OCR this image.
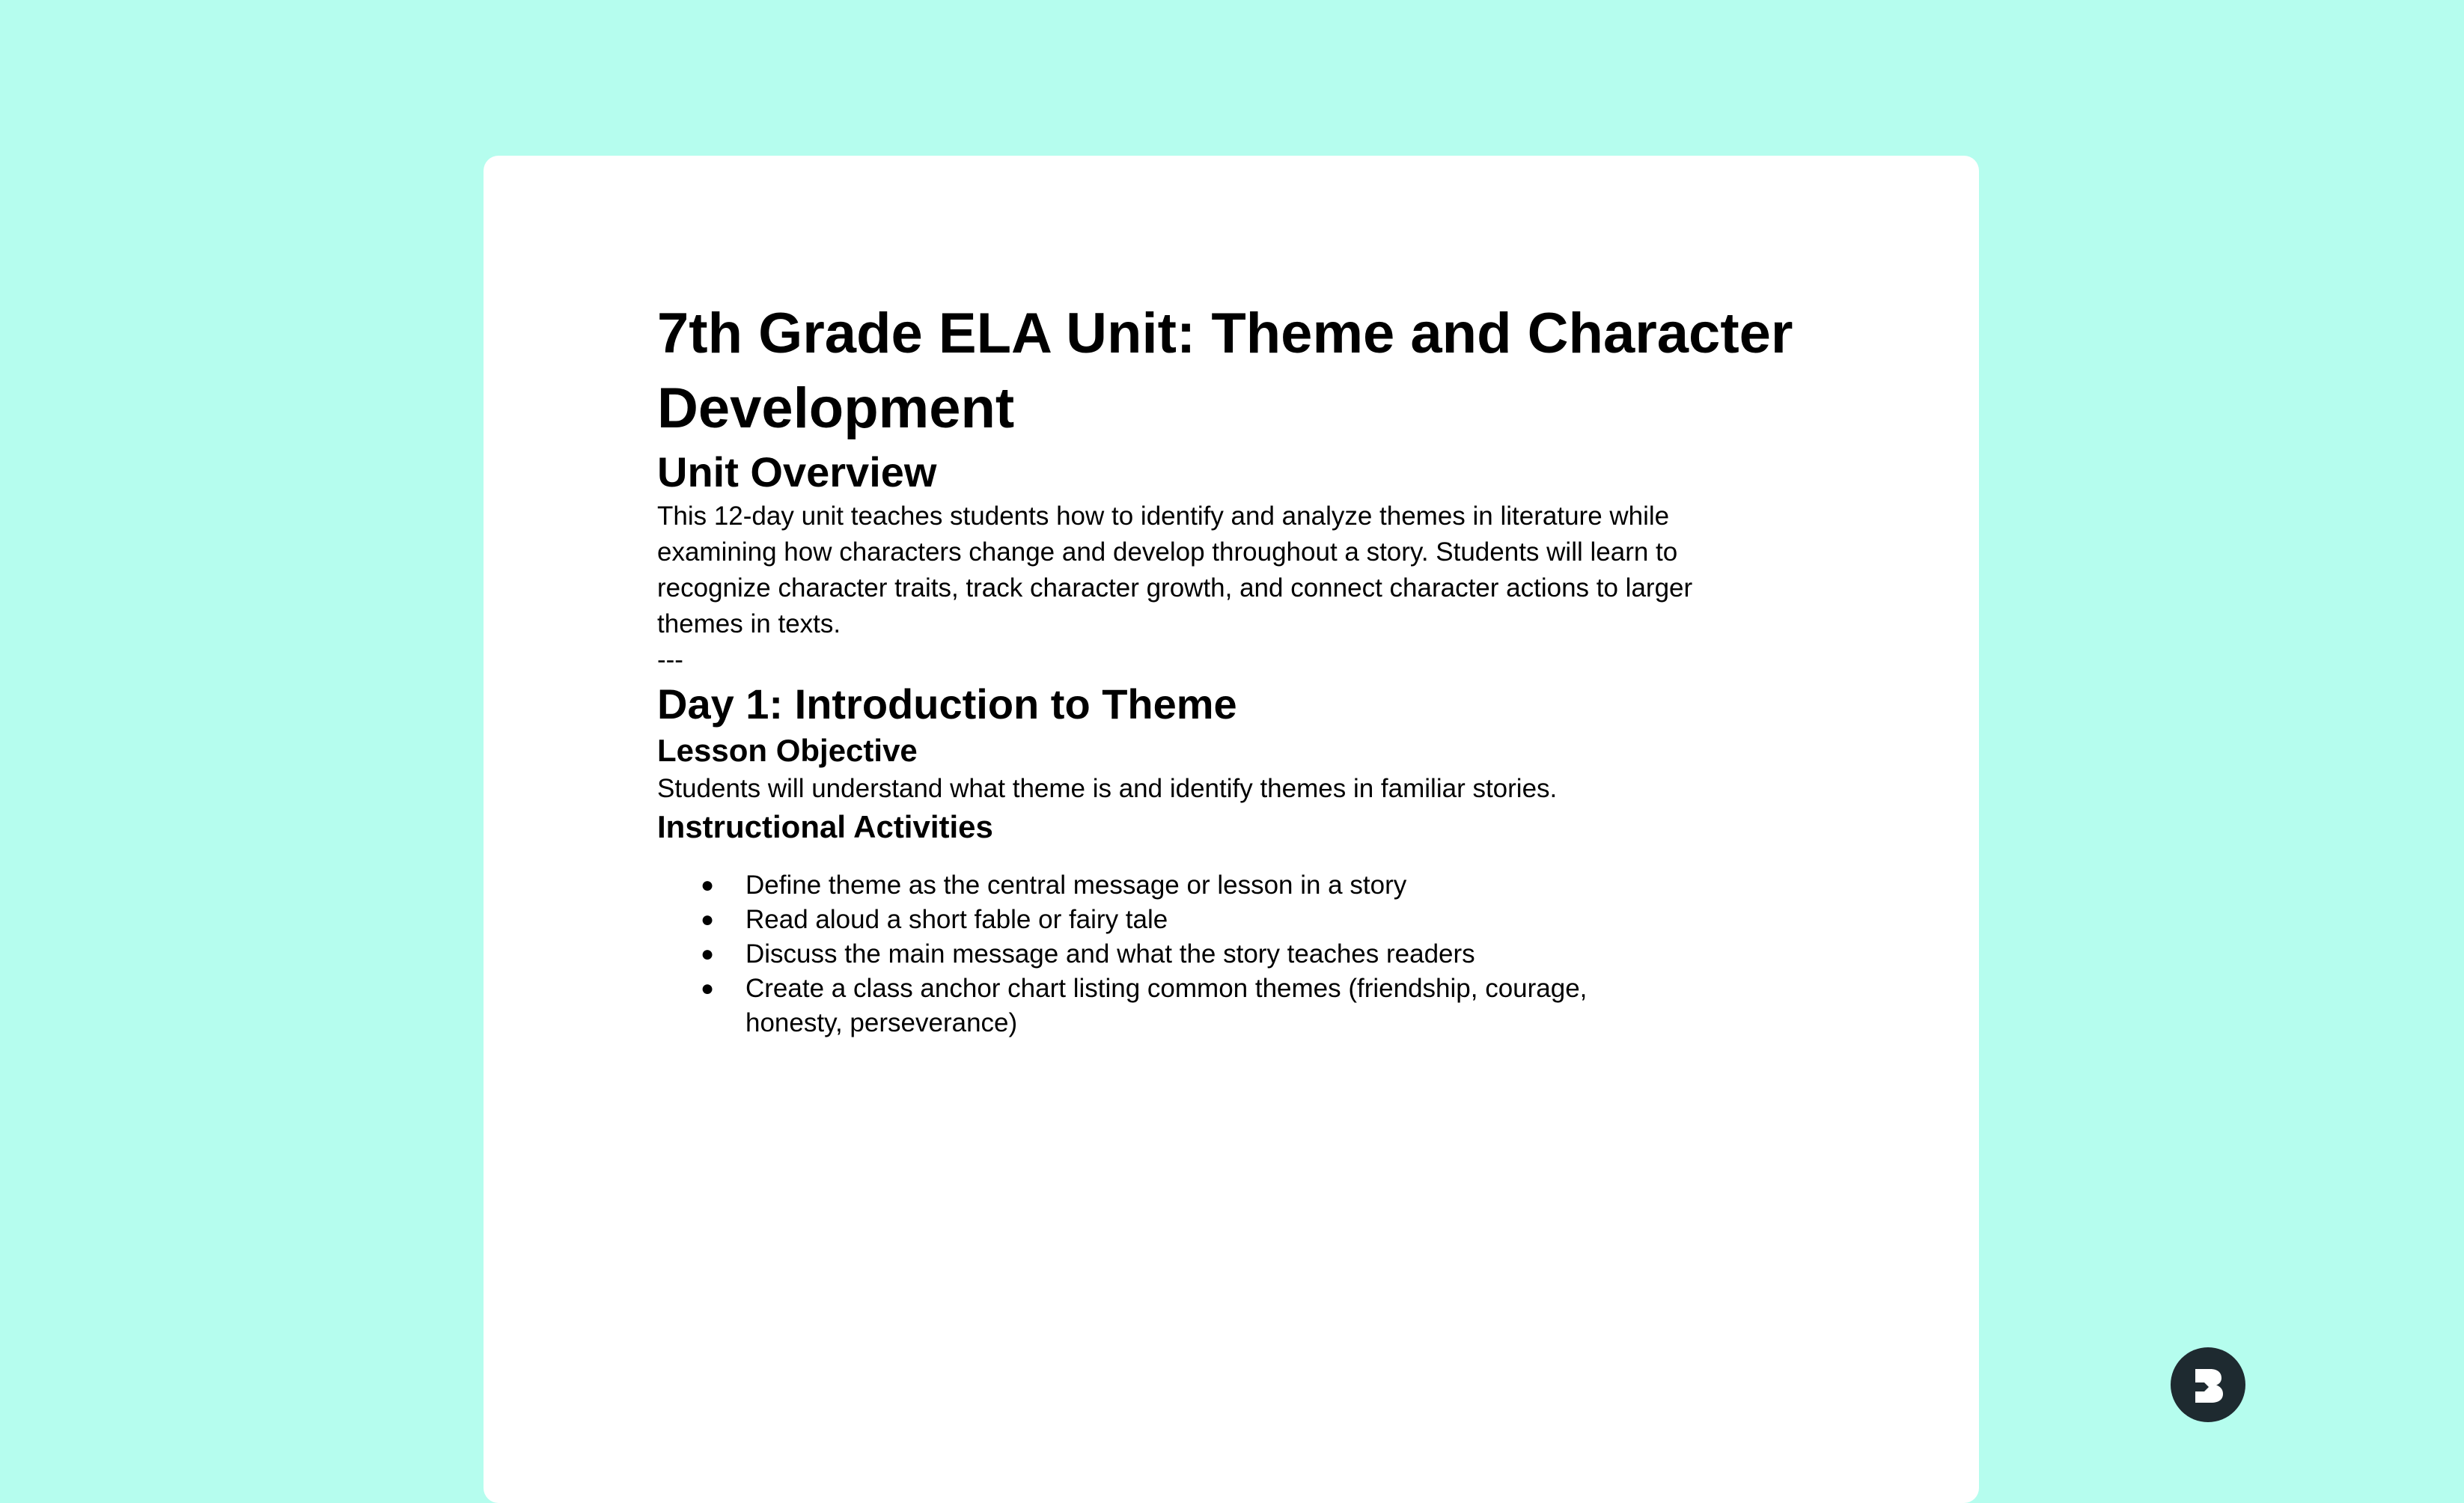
7th Grade ELA Unit: Theme and Character Development
Unit Overview

This 12-day unit teaches students how to identify and analyze themes in literature while examining how characters change and develop throughout a story. Students will learn to recognize character traits, track character growth, and connect character actions to larger themes in texts.

---

Day 1: Introduction to Theme
Lesson Objective

Students will understand what theme is and identify themes in familiar stories.

Instructional Activities
● Define theme as the central message or lesson in a story
● Read aloud a short fable or fairy tale
● Discuss the main message and what the story teaches readers
● Create a class anchor chart listing common themes (friendship, courage, honesty, perseverance)
